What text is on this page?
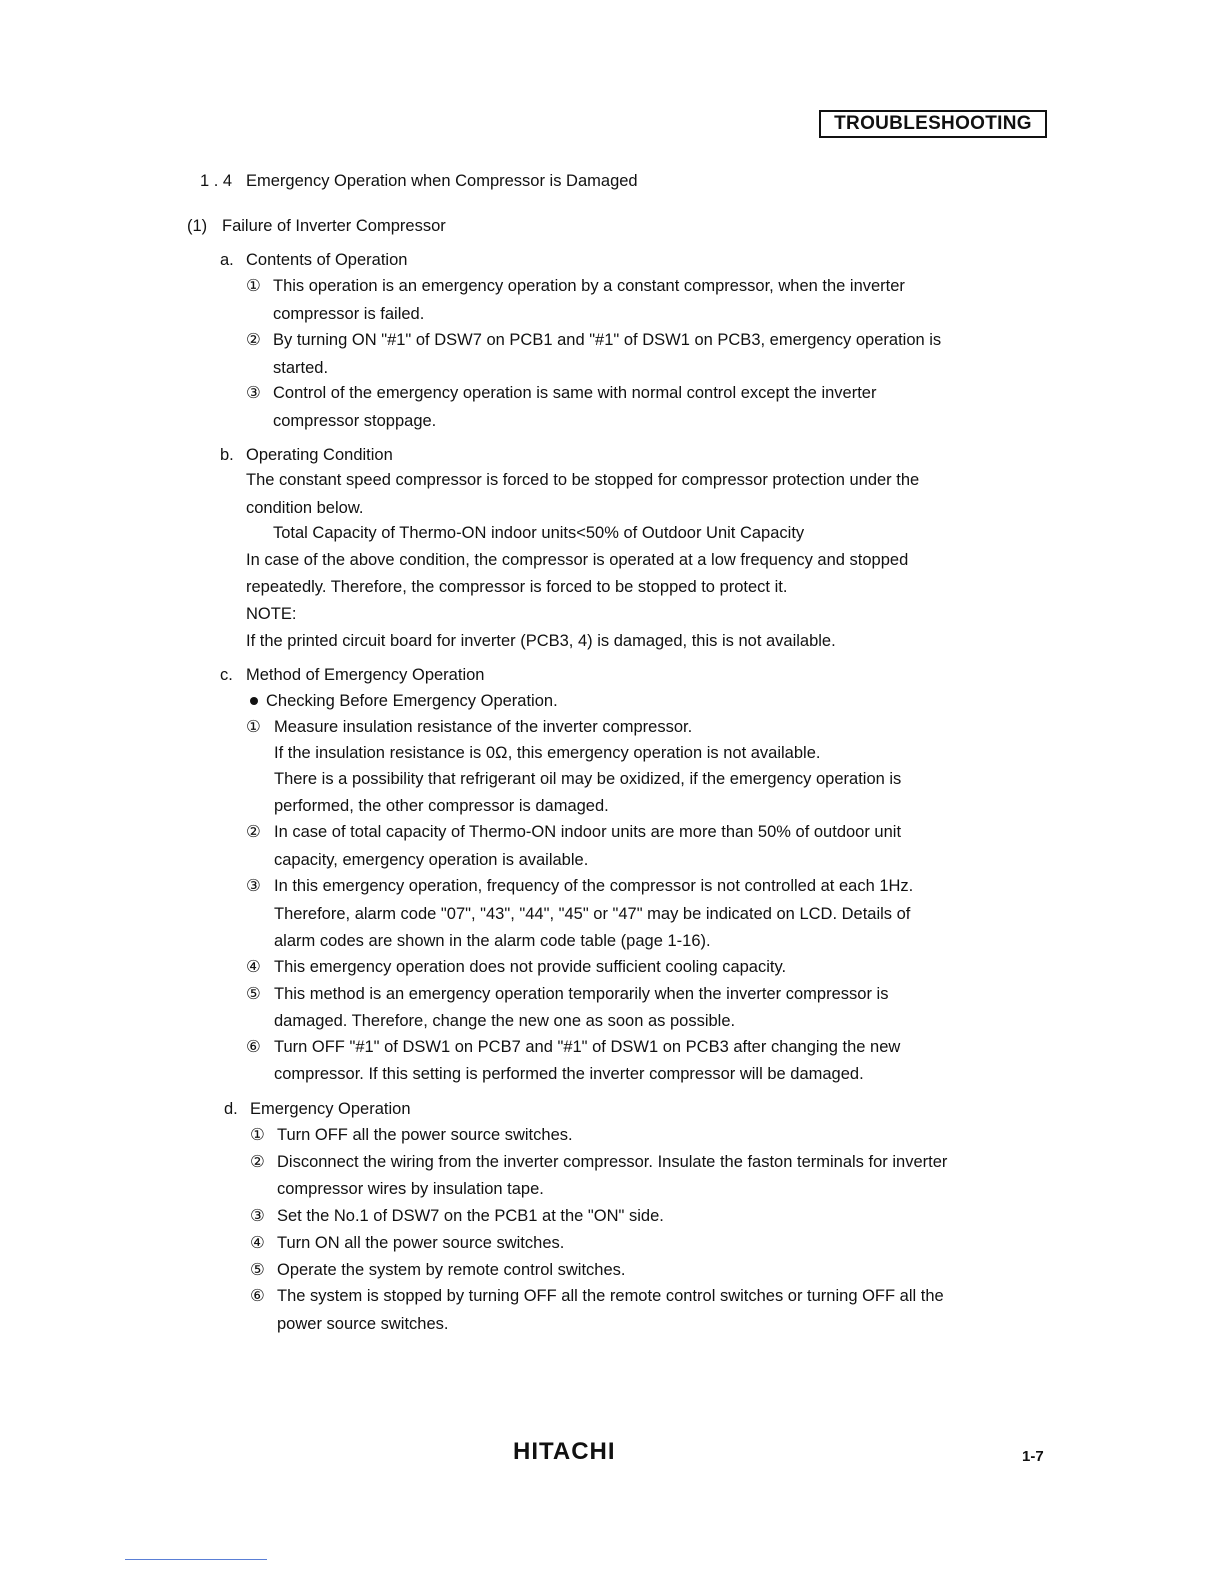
TROUBLESHOOTING
1 . 4 Emergency Operation when Compressor is Damaged
(1) Failure of Inverter Compressor
a. Contents of Operation
① This operation is an emergency operation by a constant compressor, when the inverter
compressor is failed.
② By turning ON "#1" of DSW7 on PCB1 and "#1" of DSW1 on PCB3, emergency operation is
started.
③ Control of the emergency operation is same with normal control except the inverter
compressor stoppage.
b. Operating Condition
The constant speed compressor is forced to be stopped for compressor protection under the
condition below.
Total Capacity of Thermo-ON indoor units<50% of Outdoor Unit Capacity
In case of the above condition, the compressor is operated at a low frequency and stopped
repeatedly. Therefore, the compressor is forced to be stopped to protect it.
NOTE:
If the printed circuit board for inverter (PCB3, 4) is damaged, this is not available.
c. Method of Emergency Operation
Checking Before Emergency Operation.
① Measure insulation resistance of the inverter compressor.
If the insulation resistance is 0Ω, this emergency operation is not available.
There is a possibility that refrigerant oil may be oxidized, if the emergency operation is
performed, the other compressor is damaged.
② In case of total capacity of Thermo-ON indoor units are more than 50% of outdoor unit
capacity, emergency operation is available.
③ In this emergency operation, frequency of the compressor is not controlled at each 1Hz.
Therefore, alarm code "07", "43", "44", "45" or "47" may be indicated on LCD. Details of
alarm codes are shown in the alarm code table (page 1-16).
④ This emergency operation does not provide sufficient cooling capacity.
⑤ This method is an emergency operation temporarily when the inverter compressor is
damaged. Therefore, change the new one as soon as possible.
⑥ Turn OFF "#1" of DSW1 on PCB7 and "#1" of DSW1 on PCB3 after changing the new
compressor. If this setting is performed the inverter compressor will be damaged.
d. Emergency Operation
① Turn OFF all the power source switches.
② Disconnect the wiring from the inverter compressor. Insulate the faston terminals for inverter
compressor wires by insulation tape.
③ Set the No.1 of DSW7 on the PCB1 at the "ON" side.
④ Turn ON all the power source switches.
⑤ Operate the system by remote control switches.
⑥ The system is stopped by turning OFF all the remote control switches or turning OFF all the
power source switches.
HITACHI	1-7
